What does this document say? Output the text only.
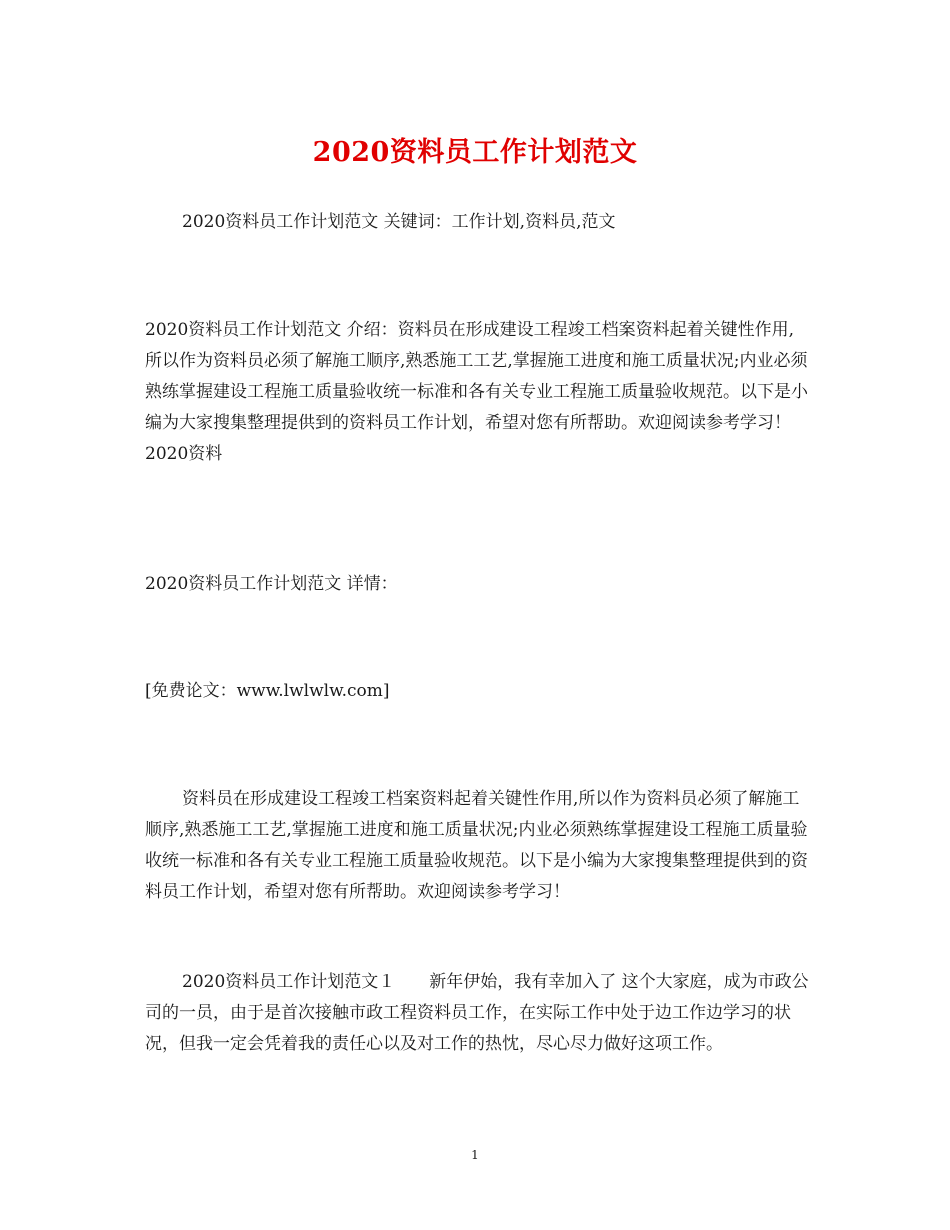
2020资料员工作计划范文

2020资料员工作计划范文 关键词：工作计划,资料员,范文

2020资料员工作计划范文 介绍：资料员在形成建设工程竣工档案资料起着关键性作用,所以作为资料员必须了解施工顺序,熟悉施工工艺,掌握施工进度和施工质量状况;内业必须熟练掌握建设工程施工质量验收统一标准和各有关专业工程施工质量验收规范。以下是小编为大家搜集整理提供到的资料员工作计划，希望对您有所帮助。欢迎阅读参考学习！　　2020资料

2020资料员工作计划范文 详情：

[免费论文：www.lwlwlw.com]

资料员在形成建设工程竣工档案资料起着关键性作用,所以作为资料员必须了解施工顺序,熟悉施工工艺,掌握施工进度和施工质量状况;内业必须熟练掌握建设工程施工质量验收统一标准和各有关专业工程施工质量验收规范。以下是小编为大家搜集整理提供到的资料员工作计划，希望对您有所帮助。欢迎阅读参考学习！

2020资料员工作计划范文１　　新年伊始，我有幸加入了 这个大家庭，成为市政公司的一员，由于是首次接触市政工程资料员工作，在实际工作中处于边工作边学习的状况，但我一定会凭着我的责任心以及对工作的热忱，尽心尽力做好这项工作。

1
